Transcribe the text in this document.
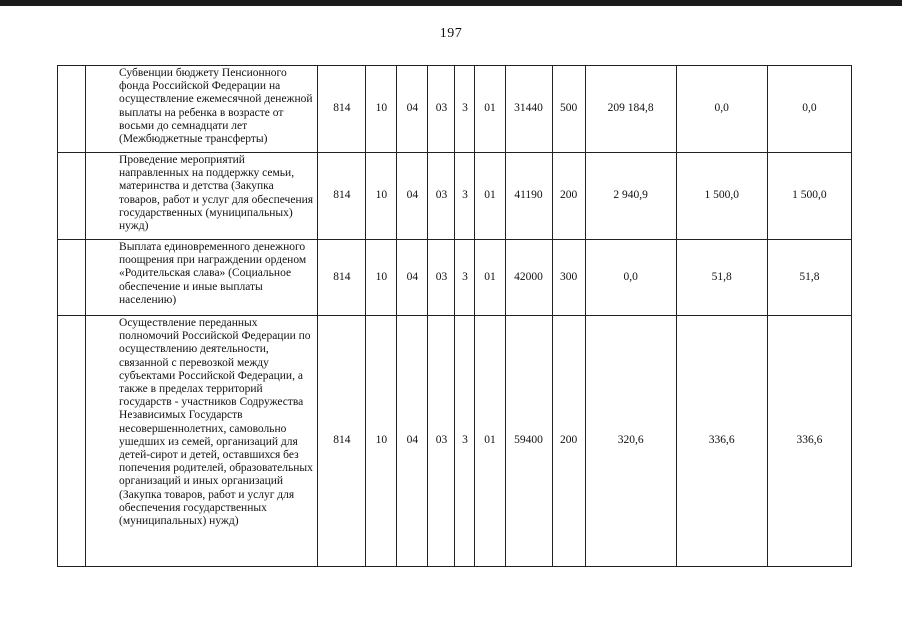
197
	Субвенции бюджету Пенсионного фонда Российской Федерации на осуществление ежемесячной денежной выплаты на ребенка в возрасте от восьми до семнадцати лет (Межбюджетные трансферты)	814	10	04	03	3	01	31440	500	209 184,8	0,0	0,0
	Проведение мероприятий направленных на поддержку семьи, материнства и детства (Закупка товаров, работ и услуг для обеспечения государственных (муниципальных) нужд)	814	10	04	03	3	01	41190	200	2 940,9	1 500,0	1 500,0
	Выплата единовременного денежного поощрения при награждении орденом «Родительская слава» (Социальное обеспечение и иные выплаты населению)	814	10	04	03	3	01	42000	300	0,0	51,8	51,8
	Осуществление переданных полномочий Российской Федерации по осуществлению деятельности, связанной с перевозкой между субъектами Российской Федерации, а также в пределах территорий государств - участников Содружества Независимых Государств несовершеннолетних, самовольно ушедших из семей, организаций для детей-сирот и детей, оставшихся без попечения родителей, образовательных организаций и иных организаций (Закупка товаров, работ и услуг для обеспечения государственных (муниципальных) нужд)	814	10	04	03	3	01	59400	200	320,6	336,6	336,6
